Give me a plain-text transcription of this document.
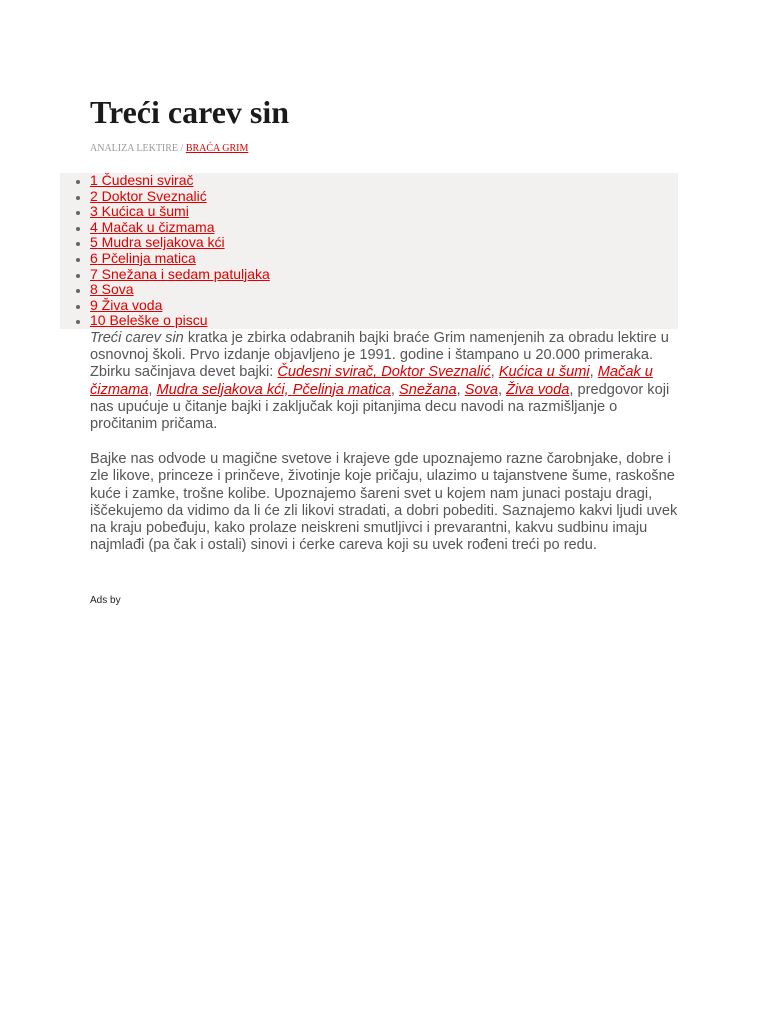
Treći carev sin
ANALIZA LEKTIRE / BRAĆA GRIM
• 1 Čudesni svirač
• 2 Doktor Sveznalić
• 3 Kućica u šumi
• 4 Mačak u čizmama
• 5 Mudra seljakova kći
• 6 Pčelinja matica
• 7 Snežana i sedam patuljaka
• 8 Sova
• 9 Živa voda
• 10 Beleške o piscu

Treći carev sin kratka je zbirka odabranih bajki braće Grim namenjenih za obradu lektire u osnovnoj školi. Prvo izdanje objavljeno je 1991. godine i štampano u 20.000 primeraka. Zbirku sačinjava devet bajki: Čudesni svirač, Doktor Sveznalić, Kućica u šumi, Mačak u čizmama, Mudra seljakova kći, Pčelinja matica, Snežana, Sova, Živa voda, predgovor koji nas upućuje u čitanje bajki i zaključak koji pitanjima decu navodi na razmišljanje o pročitanim pričama.

Bajke nas odvode u magične svetove i krajeve gde upoznajemo razne čarobnjake, dobre i zle likove, princeze i prinčeve, životinje koje pričaju, ulazimo u tajanstvene šume, raskošne kuće i zamke, trošne kolibe. Upoznajemo šareni svet u kojem nam junaci postaju dragi, iščekujemo da vidimo da li će zli likovi stradati, a dobri pobediti. Saznajemo kakvi ljudi uvek na kraju pobeđuju, kako prolaze neiskreni smutljivci i prevarantni, kakvu sudbinu imaju najmlađi (pa čak i ostali) sinovi i ćerke careva koji su uvek rođeni treći po redu.

Ads by
